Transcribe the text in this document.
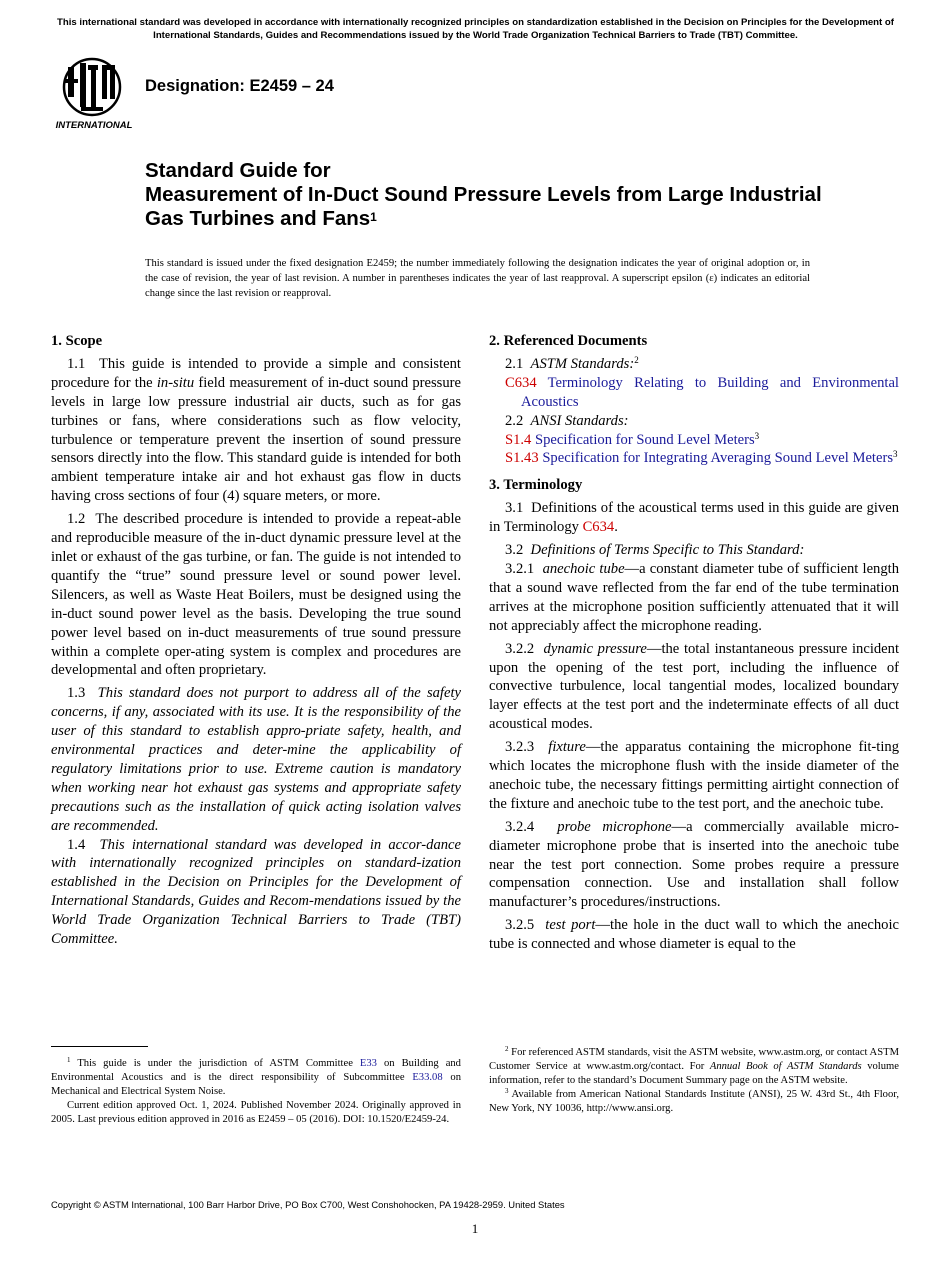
This international standard was developed in accordance with internationally recognized principles on standardization established in the Decision on Principles for the Development of International Standards, Guides and Recommendations issued by the World Trade Organization Technical Barriers to Trade (TBT) Committee.
INTERNATIONAL
Designation: E2459 – 24
Standard Guide for
Measurement of In-Duct Sound Pressure Levels from Large Industrial Gas Turbines and Fans$^1$
This standard is issued under the fixed designation E2459; the number immediately following the designation indicates the year of original adoption or, in the case of revision, the year of last revision. A number in parentheses indicates the year of last reapproval. A superscript epsilon (ε) indicates an editorial change since the last revision or reapproval.
1. Scope

1.1 This guide is intended to provide a simple and consistent procedure for the in-situ field measurement of in-duct sound pressure levels in large low pressure industrial air ducts, such as for gas turbines or fans, where considerations such as flow velocity, turbulence or temperature prevent the insertion of sound pressure sensors directly into the flow. This standard guide is intended for both ambient temperature intake air and hot exhaust gas flow in ducts having cross sections of four (4) square meters, or more.

1.2 The described procedure is intended to provide a repeat-able and reproducible measure of the in-duct dynamic pressure level at the inlet or exhaust of the gas turbine, or fan. The guide is not intended to quantify the “true” sound pressure level or sound power level. Silencers, as well as Waste Heat Boilers, must be designed using the in-duct sound power level as the basis. Developing the true sound power level based on in-duct measurements of true sound pressure within a complete oper-ating system is complex and procedures are developmental and often proprietary.

1.3 This standard does not purport to address all of the safety concerns, if any, associated with its use. It is the responsibility of the user of this standard to establish appro-priate safety, health, and environmental practices and deter-mine the applicability of regulatory limitations prior to use. Extreme caution is mandatory when working near hot exhaust gas systems and appropriate safety precautions such as the installation of quick acting isolation valves are recommended.

1.4 This international standard was developed in accor-dance with internationally recognized principles on standard-ization established in the Decision on Principles for the Development of International Standards, Guides and Recom-mendations issued by the World Trade Organization Technical Barriers to Trade (TBT) Committee.

2. Referenced Documents

2.1 ASTM Standards:$^2$

C634 Terminology Relating to Building and Environmental Acoustics

2.2 ANSI Standards:

S1.4 Specification for Sound Level Meters$^3$

S1.43 Specification for Integrating Averaging Sound Level Meters$^3$

3. Terminology

3.1 Definitions of the acoustical terms used in this guide are given in Terminology C634.

3.2 Definitions of Terms Specific to This Standard:

3.2.1 anechoic tube—a constant diameter tube of sufficient length that a sound wave reflected from the far end of the tube termination arrives at the microphone position sufficiently attenuated that it will not appreciably affect the microphone reading.

3.2.2 dynamic pressure—the total instantaneous pressure incident upon the opening of the test port, including the influence of convective turbulence, local tangential modes, localized boundary layer effects at the test port and the indeterminate effects of all duct acoustical modes.

3.2.3 fixture—the apparatus containing the microphone fit-ting which locates the microphone flush with the inside diameter of the anechoic tube, the necessary fittings permitting airtight connection of the fixture and anechoic tube to the test port, and the anechoic tube.

3.2.4 probe microphone—a commercially available micro-diameter microphone probe that is inserted into the anechoic tube near the test port connection. Some probes require a pressure compensation connection. Use and installation shall follow manufacturer’s procedures/instructions.

3.2.5 test port—the hole in the duct wall to which the anechoic tube is connected and whose diameter is equal to the

$^1$ This guide is under the jurisdiction of ASTM Committee E33 on Building and Environmental Acoustics and is the direct responsibility of Subcommittee E33.08 on Mechanical and Electrical System Noise.

Current edition approved Oct. 1, 2024. Published November 2024. Originally approved in 2005. Last previous edition approved in 2016 as E2459 – 05 (2016). DOI: 10.1520/E2459-24.

$^2$ For referenced ASTM standards, visit the ASTM website, www.astm.org, or contact ASTM Customer Service at www.astm.org/contact. For Annual Book of ASTM Standards volume information, refer to the standard’s Document Summary page on the ASTM website.

$^3$ Available from American National Standards Institute (ANSI), 25 W. 43rd St., 4th Floor, New York, NY 10036, http://www.ansi.org.

Copyright © ASTM International, 100 Barr Harbor Drive, PO Box C700, West Conshohocken, PA 19428-2959. United States
1
